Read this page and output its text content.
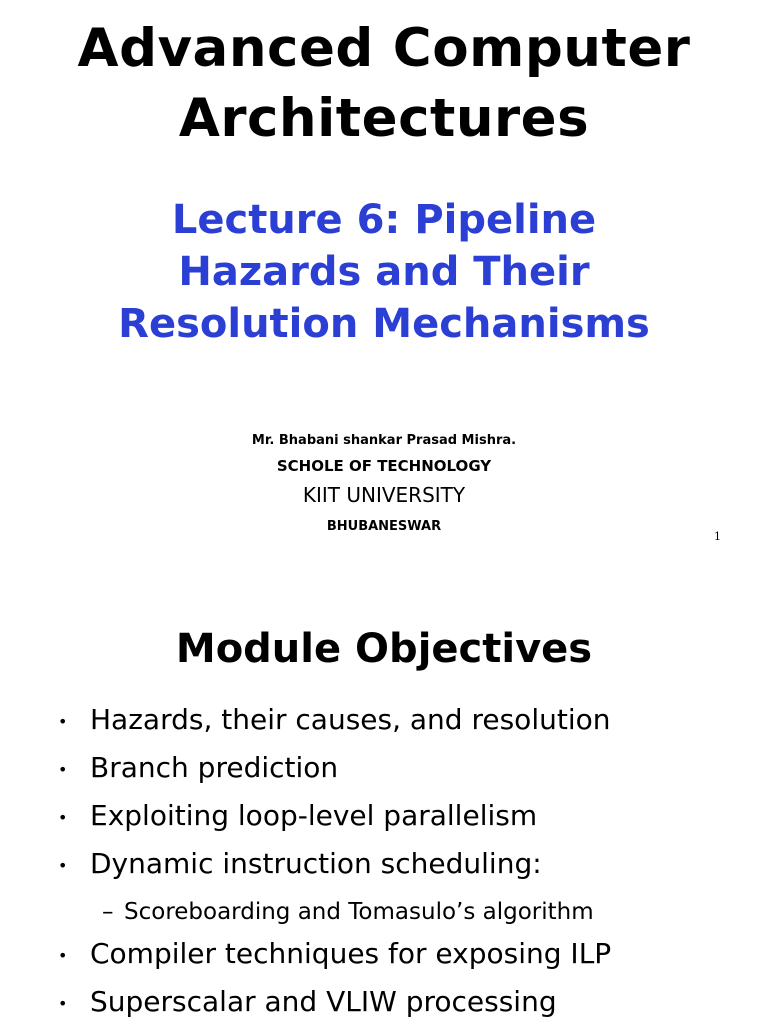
Advanced Computer
Architectures
Lecture 6: Pipeline
Hazards and Their
Resolution Mechanisms

Mr. Bhabani shankar Prasad Mishra.

SCHOLE OF TECHNOLOGY

KIIT UNIVERSITY

BHUBANESWAR

1
Module Objectives
• Hazards, their causes, and resolution
• Branch prediction
• Exploiting loop-level parallelism
• Dynamic instruction scheduling:
– Scoreboarding and Tomasulo’s algorithm
• Compiler techniques for exposing ILP
• Superscalar and VLIW processing
